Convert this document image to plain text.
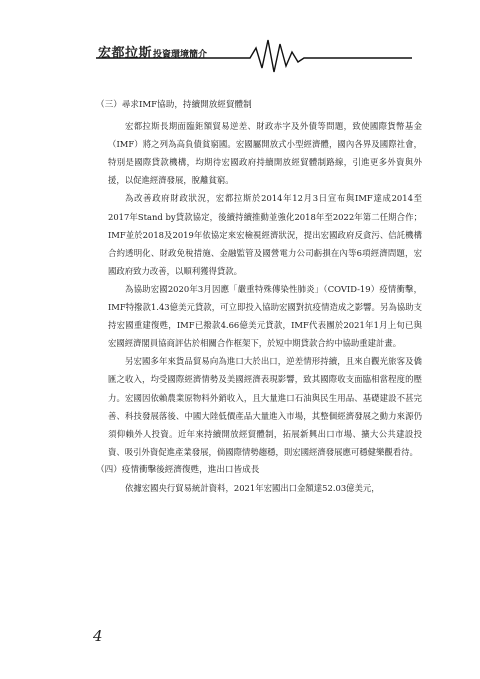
宏都拉斯 投資環境簡介
（三）尋求IMF協助，持續開放經貿體制

宏都拉斯長期面臨鉅額貿易逆差、財政赤字及外債等問題，致使國際貨幣基金（IMF）將之列為高負債貧窮國。宏國屬開放式小型經濟體，國內各界及國際社會，特別是國際貸款機構，均期待宏國政府持續開放經貿體制路線，引進更多外資與外援，以促進經濟發展，脫離貧窮。

為改善政府財政狀況，宏都拉斯於2014年12月3日宣布與IMF達成2014至2017年Stand by貸款協定，後續持續推動並強化2018年至2022年第二任期合作；IMF並於2018及2019年依協定來宏檢視經濟狀況，提出宏國政府反貪污、信託機構合約透明化、財政免稅措施、金融監管及國營電力公司虧損在內等6項經濟問題，宏國政府致力改善，以順利獲得貸款。

為協助宏國2020年3月因應「嚴重特殊傳染性肺炎」（COVID-19）疫情衝擊，IMF特撥款1.43億美元貸款，可立即投入協助宏國對抗疫情造成之影響。另為協助支持宏國重建復甦，IMF已撥款4.66億美元貸款，IMF代表團於2021年1月上旬已與宏國經濟閣員協商評估於相關合作框架下，於短中期貸款合約中協助重建計畫。

另宏國多年來貨品貿易向為進口大於出口，逆差情形持續，且來自觀光旅客及僑匯之收入，均受國際經濟情勢及美國經濟表現影響，致其國際收支面臨相當程度的壓力。宏國因依賴農業原物料外銷收入，且大量進口石油與民生用品、基礎建設不甚完善、科技發展落後、中國大陸低價產品大量進入市場，其整個經濟發展之動力來源仍須仰賴外人投資。近年來持續開放經貿體制，拓展新興出口市場、擴大公共建設投資、吸引外資促進產業發展，倘國際情勢趨穩，則宏國經濟發展應可穩健樂觀看待。

（四）疫情衝擊後經濟復甦，進出口皆成長

依據宏國央行貿易統計資料，2021年宏國出口金額達52.03億美元，

4
